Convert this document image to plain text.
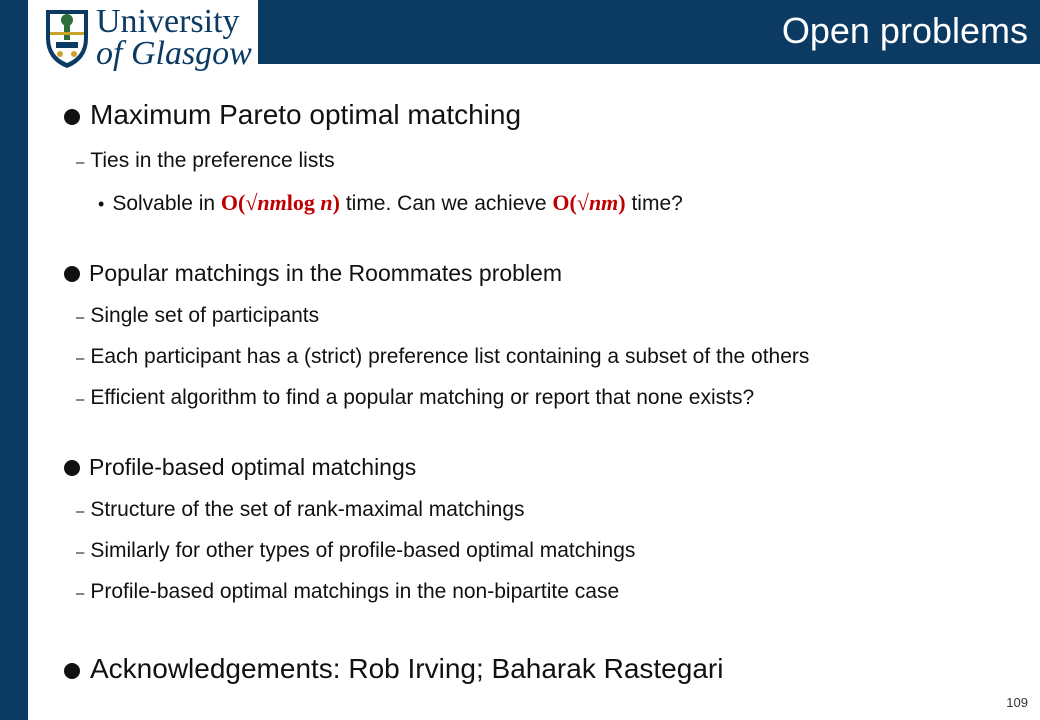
Open problems
University
of Glasgow
Maximum Pareto optimal matching
– Ties in the preference lists
• Solvable in O(√nmlog n) time. Can we achieve O(√nm) time?
Popular matchings in the Roommates problem
– Single set of participants
– Each participant has a (strict) preference list containing a subset of the others
– Efficient algorithm to find a popular matching or report that none exists?
Profile-based optimal matchings
– Structure of the set of rank-maximal matchings
– Similarly for other types of profile-based optimal matchings
– Profile-based optimal matchings in the non-bipartite case
Acknowledgements: Rob Irving; Baharak Rastegari
109
